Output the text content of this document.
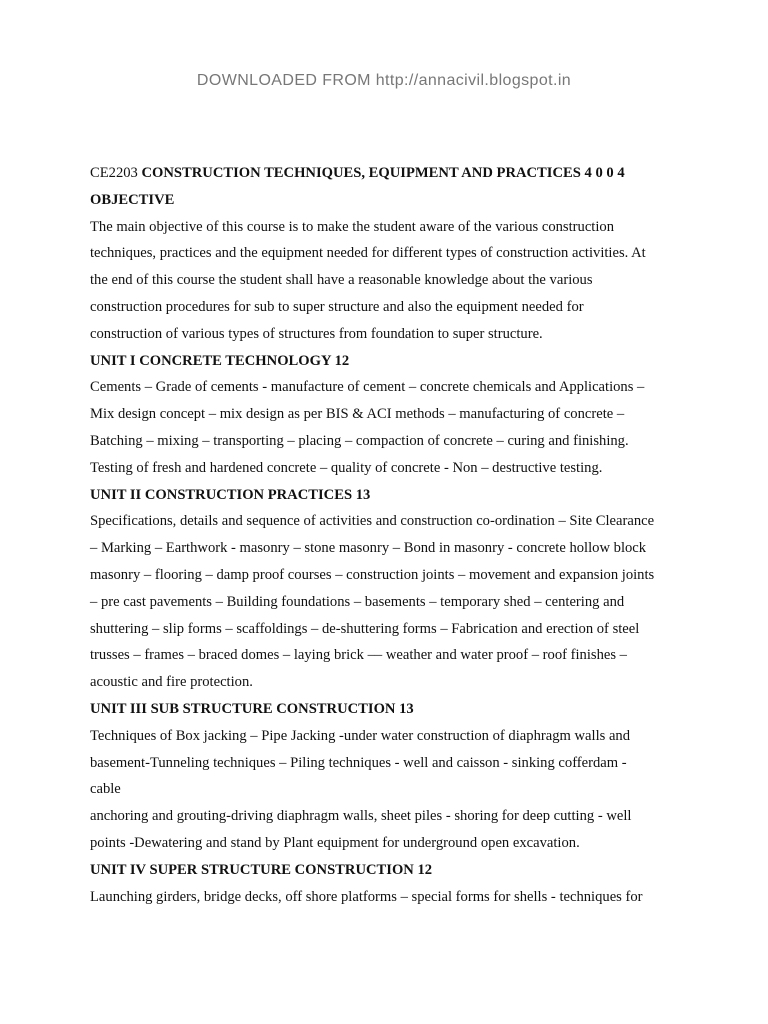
DOWNLOADED FROM http://annacivil.blogspot.in
CE2203 CONSTRUCTION TECHNIQUES, EQUIPMENT AND PRACTICES 4 0 0 4
OBJECTIVE
The main objective of this course is to make the student aware of the various construction
techniques, practices and the equipment needed for different types of construction activities. At
the end of this course the student shall have a reasonable knowledge about the various
construction procedures for sub to super structure and also the equipment needed for
construction of various types of structures from foundation to super structure.
UNIT I CONCRETE TECHNOLOGY 12
Cements – Grade of cements - manufacture of cement – concrete chemicals and Applications –
Mix design concept – mix design as per BIS & ACI methods – manufacturing of concrete –
Batching – mixing – transporting – placing – compaction of concrete – curing and finishing.
Testing of fresh and hardened concrete – quality of concrete - Non – destructive testing.
UNIT II CONSTRUCTION PRACTICES 13
Specifications, details and sequence of activities and construction co-ordination – Site Clearance
– Marking – Earthwork - masonry – stone masonry – Bond in masonry - concrete hollow block
masonry – flooring – damp proof courses – construction joints – movement and expansion joints
– pre cast pavements – Building foundations – basements – temporary shed – centering and
shuttering – slip forms – scaffoldings – de-shuttering forms – Fabrication and erection of steel
trusses – frames – braced domes – laying brick –– weather and water proof – roof finishes –
acoustic and fire protection.
UNIT III SUB STRUCTURE CONSTRUCTION 13
Techniques of Box jacking – Pipe Jacking -under water construction of diaphragm walls and
basement-Tunneling techniques – Piling techniques - well and caisson - sinking cofferdam -
cable
anchoring and grouting-driving diaphragm walls, sheet piles - shoring for deep cutting - well
points -Dewatering and stand by Plant equipment for underground open excavation.
UNIT IV SUPER STRUCTURE CONSTRUCTION 12
Launching girders, bridge decks, off shore platforms – special forms for shells - techniques for
